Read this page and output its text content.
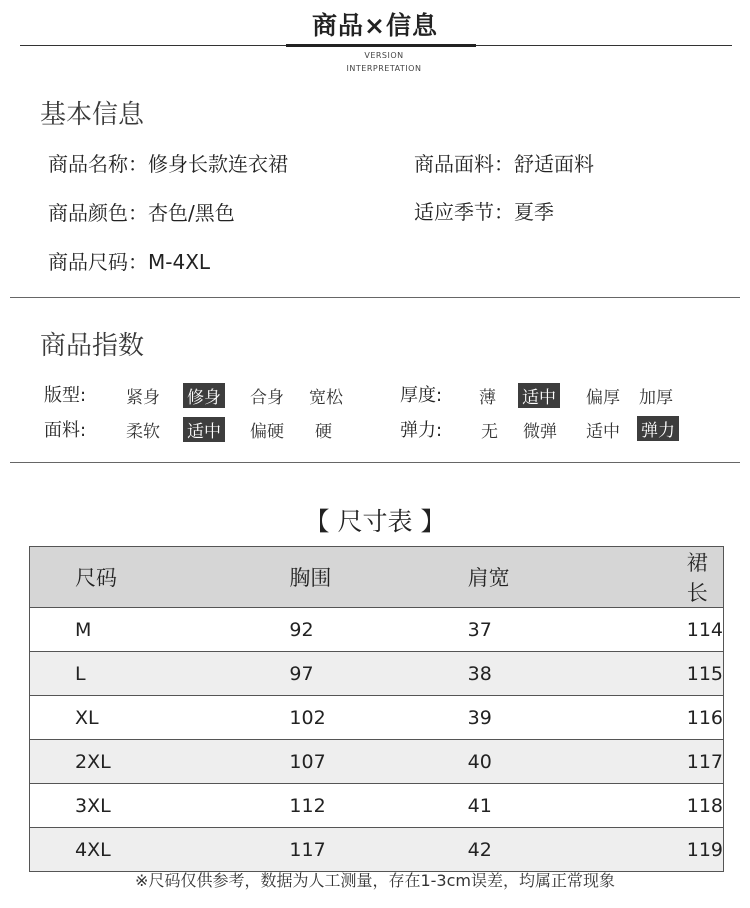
商品×信息
VERSION
INTERPRETATION
基本信息
商品名称：修身长款连衣裙	商品面料：舒适面料
商品颜色：杏色/黑色	适应季节：夏季
商品尺码：M-4XL
商品指数
版型: 紧身 修身 合身 宽松
面料: 柔软 适中 偏硬 硬
厚度: 薄 适中 偏厚 加厚
弹力: 无 微弹 适中 弹力
【 尺寸表 】
尺码	胸围	肩宽	裙长
M	92	37	114
L	97	38	115
XL	102	39	116
2XL	107	40	117
3XL	112	41	118
4XL	117	42	119
※尺码仅供参考，数据为人工测量，存在1-3cm误差，均属正常现象
